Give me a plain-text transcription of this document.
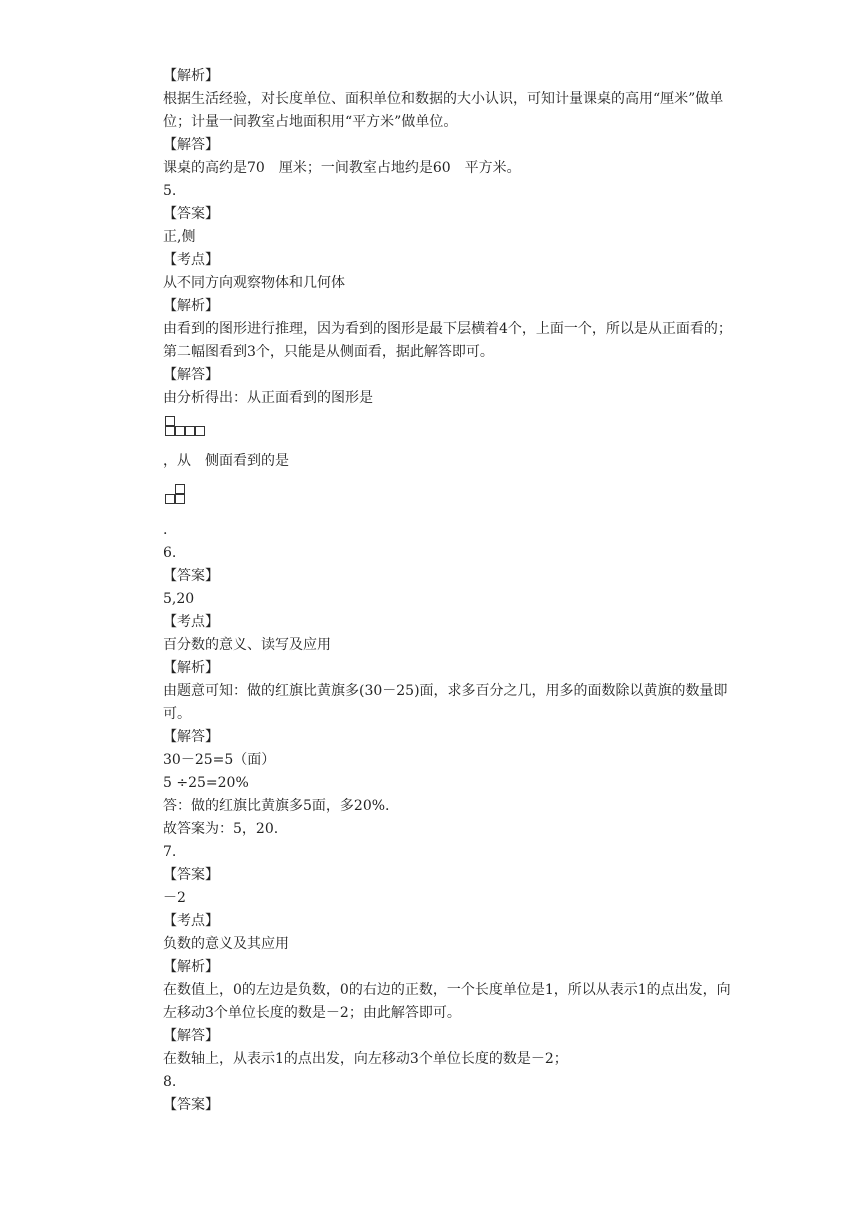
【解析】
根据生活经验，对长度单位、面积单位和数据的大小认识，可知计量课桌的高用“厘米”做单位；计量一间教室占地面积用“平方米”做单位。
【解答】
课桌的高约是70　厘米；一间教室占地约是60　平方米。
5.
【答案】
正,侧
【考点】
从不同方向观察物体和几何体
【解析】
由看到的图形进行推理，因为看到的图形是最下层横着4个，上面一个，所以是从正面看的；
第二幅图看到3个，只能是从侧面看，据此解答即可。
【解答】
由分析得出：从正面看到的图形是
，从　侧面看到的是
.
6.
【答案】
5,20
【考点】
百分数的意义、读写及应用
【解析】
由题意可知：做的红旗比黄旗多(30－25)面，求多百分之几，用多的面数除以黄旗的数量即可。
【解答】
30－25=5（面）
5 ÷25=20%
答：做的红旗比黄旗多5面，多20%.
故答案为：5，20.
7.
【答案】
－2
【考点】
负数的意义及其应用
【解析】
在数值上，0的左边是负数，0的右边的正数，一个长度单位是1，所以从表示1的点出发，向左移动3个单位长度的数是－2；由此解答即可。
【解答】
在数轴上，从表示1的点出发，向左移动3个单位长度的数是－2；
8.
【答案】
